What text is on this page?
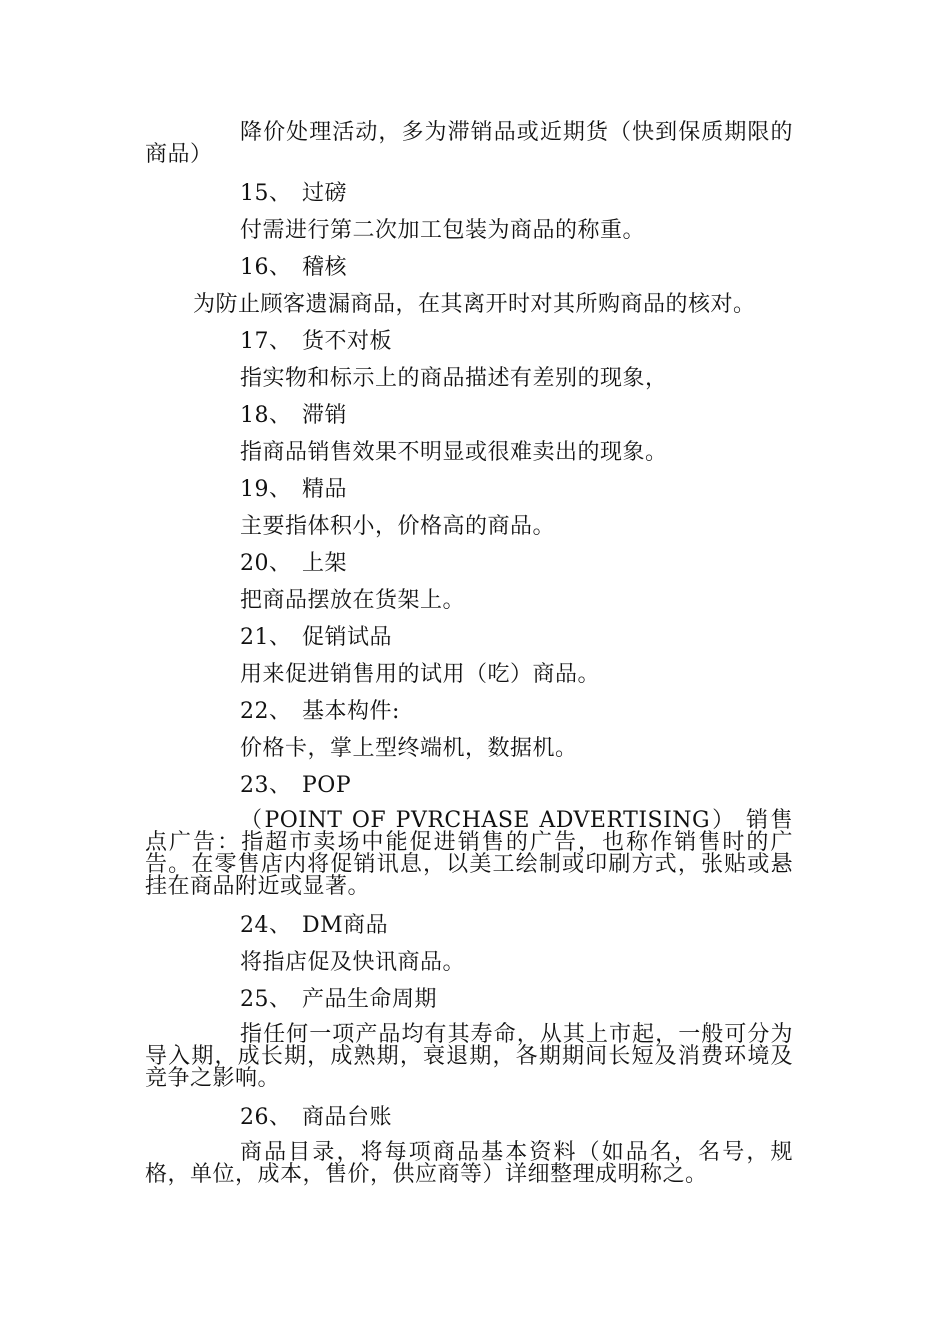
降价处理活动，多为滞销品或近期货（快到保质期限的商品）
15、 过磅
付需进行第二次加工包装为商品的称重。
16、 稽核
为防止顾客遗漏商品，在其离开时对其所购商品的核对。
17、 货不对板
指实物和标示上的商品描述有差别的现象，
18、 滞销
指商品销售效果不明显或很难卖出的现象。
19、 精品
主要指体积小，价格高的商品。
20、 上架
把商品摆放在货架上。
21、 促销试品
用来促进销售用的试用（吃）商品。
22、 基本构件:
价格卡，掌上型终端机，数据机。
23、 POP
（POINT OF PVRCHASE ADVERTISING） 销售点广告：指超市卖场中能促进销售的广告，也称作销售时的广告。在零售店内将促销讯息，以美工绘制或印刷方式，张贴或悬挂在商品附近或显著。
24、 DM商品
将指店促及快讯商品。
25、 产品生命周期
指任何一项产品均有其寿命，从其上市起，一般可分为导入期，成长期，成熟期，衰退期，各期期间长短及消费环境及竞争之影响。
26、 商品台账
商品目录，将每项商品基本资料（如品名，名号，规格，单位，成本，售价，供应商等）详细整理成明称之。
